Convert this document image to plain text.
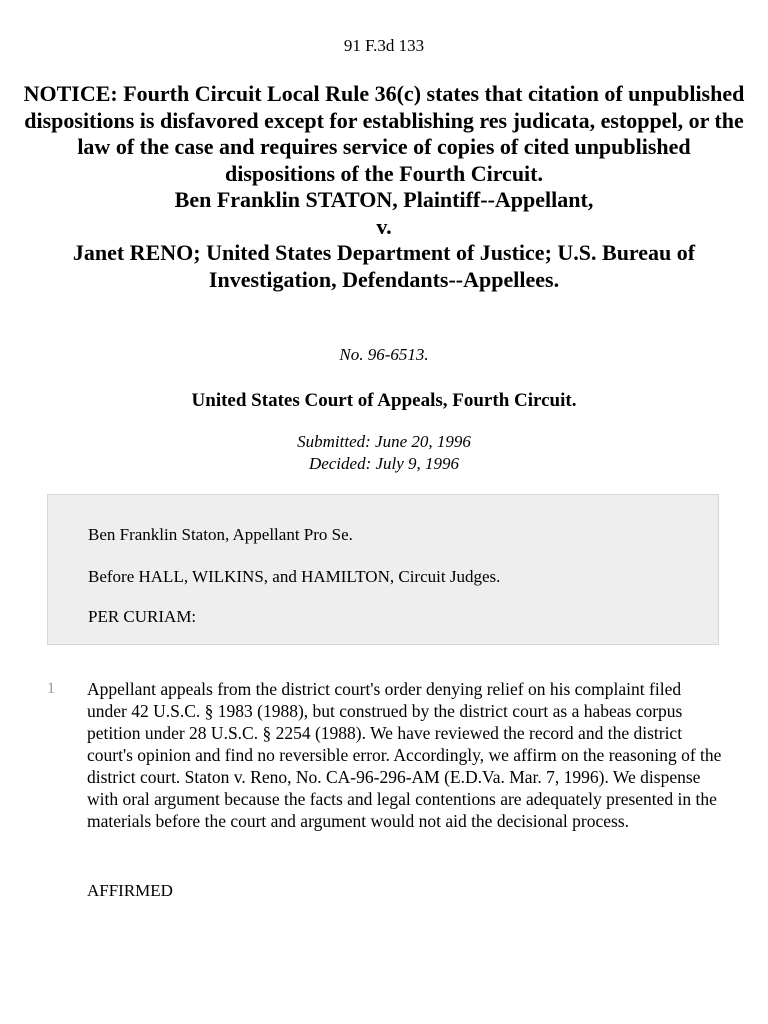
91 F.3d 133
NOTICE: Fourth Circuit Local Rule 36(c) states that citation of unpublished dispositions is disfavored except for establishing res judicata, estoppel, or the law of the case and requires service of copies of cited unpublished dispositions of the Fourth Circuit.
Ben Franklin STATON, Plaintiff--Appellant,
v.
Janet RENO; United States Department of Justice; U.S. Bureau of Investigation, Defendants--Appellees.
No. 96-6513.
United States Court of Appeals, Fourth Circuit.
Submitted: June 20, 1996
Decided: July 9, 1996

Ben Franklin Staton, Appellant Pro Se.

Before HALL, WILKINS, and HAMILTON, Circuit Judges.

PER CURIAM:

1 Appellant appeals from the district court's order denying relief on his complaint filed under 42 U.S.C. § 1983 (1988), but construed by the district court as a habeas corpus petition under 28 U.S.C. § 2254 (1988). We have reviewed the record and the district court's opinion and find no reversible error. Accordingly, we affirm on the reasoning of the district court. Staton v. Reno, No. CA-96-296-AM (E.D.Va. Mar. 7, 1996). We dispense with oral argument because the facts and legal contentions are adequately presented in the materials before the court and argument would not aid the decisional process.

AFFIRMED
